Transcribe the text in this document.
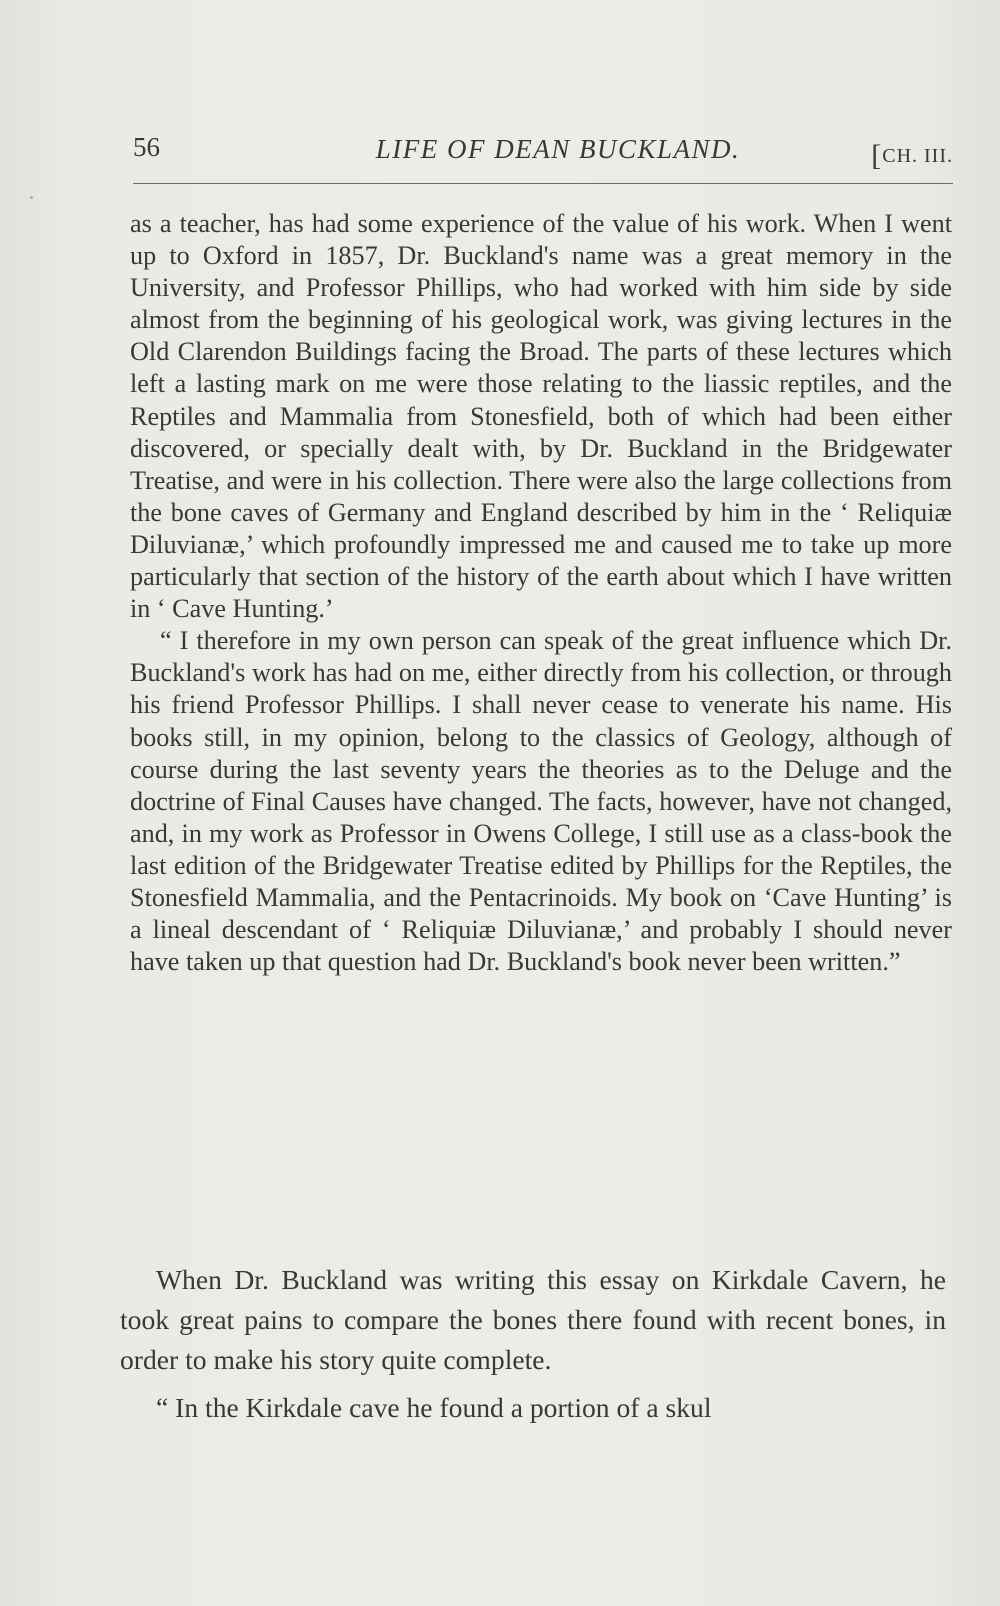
56	LIFE OF DEAN BUCKLAND.	[CH. III.

as a teacher, has had some experience of the value of his work. When I went up to Oxford in 1857, Dr. Buckland's name was a great memory in the University, and Professor Phillips, who had worked with him side by side almost from the beginning of his geological work, was giving lectures in the Old Clarendon Buildings facing the Broad. The parts of these lectures which left a lasting mark on me were those relating to the liassic reptiles, and the Reptiles and Mammalia from Stonesfield, both of which had been either discovered, or specially dealt with, by Dr. Buckland in the Bridgewater Treatise, and were in his collection. There were also the large collections from the bone caves of Germany and England described by him in the ‘ Reliquiæ Diluvianæ,’ which profoundly impressed me and caused me to take up more particularly that section of the history of the earth about which I have written in ‘ Cave Hunting.’

“ I therefore in my own person can speak of the great influence which Dr. Buckland's work has had on me, either directly from his collection, or through his friend Professor Phillips. I shall never cease to venerate his name. His books still, in my opinion, belong to the classics of Geology, although of course during the last seventy years the theories as to the Deluge and the doctrine of Final Causes have changed. The facts, however, have not changed, and, in my work as Professor in Owens College, I still use as a class-book the last edition of the Bridgewater Treatise edited by Phillips for the Reptiles, the Stonesfield Mammalia, and the Pentacrinoids. My book on ‘Cave Hunting’ is a lineal descendant of ‘ Reliquiæ Diluvianæ,’ and probably I should never have taken up that question had Dr. Buckland's book never been written.”

When Dr. Buckland was writing this essay on Kirkdale Cavern, he took great pains to compare the bones there found with recent bones, in order to make his story quite complete.

“ In the Kirkdale cave he found a portion of a skul
